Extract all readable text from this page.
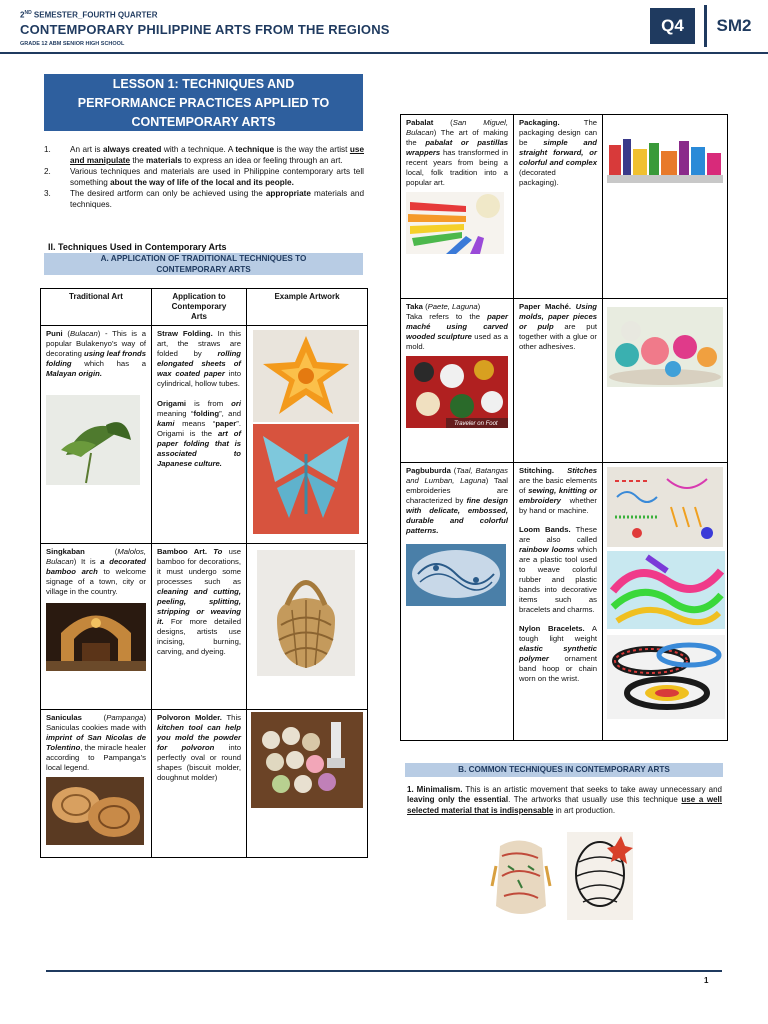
2ND SEMESTER_FOURTH QUARTER
CONTEMPORARY PHILIPPINE ARTS FROM THE REGIONS
GRADE 12 ABM SENIOR HIGH SCHOOL
Q4	SM2
LESSON 1: TECHNIQUES AND
PERFORMANCE PRACTICES APPLIED TO
CONTEMPORARY ARTS
1.	An art is always created with a technique. A technique is the way the artist use and manipulate the materials to express an idea or feeling through an art.
2.	Various techniques and materials are used in Philippine contemporary arts tell something about the way of life of the local and its people.
3.	The desired artform can only be achieved using the appropriate materials and techniques.
II. Techniques Used in Contemporary Arts
A. APPLICATION OF TRADITIONAL TECHNIQUES TO
CONTEMPORARY ARTS
Traditional Art	Application to
Contemporary
Arts	Example Artwork

Puni (Bulacan) - This is a popular Bulakenyo’s way of decorating using leaf fronds folding which has a Malayan origin.	Straw Folding. In this art, the straws are folded by rolling elongated sheets of wax coated paper into cylindrical, hollow tubes.
Origami is from ori meaning “folding”, and kami means “paper”. Origami is the art of paper folding that is associated to Japanese culture.

Singkaban (Malolos, Bulacan) It is a decorated bamboo arch to welcome signage of a town, city or village in the country.	Bamboo Art. To use bamboo for decorations, it must undergo some processes such as cleaning and cutting, peeling, splitting, stripping or weaving it. For more detailed designs, artists use incising, burning, carving, and dyeing.

Saniculas (Pampanga) Saniculas cookies made with imprint of San Nicolas de Tolentino, the miracle healer according to Pampanga’s local legend.	Polvoron Molder. This kitchen tool can help you mold the powder for polvoron into perfectly oval or round shapes (biscuit molder, doughnut molder)

Pabalat (San Miguel, Bulacan) The art of making the pabalat or pastillas wrappers has transformed in recent years from being a local, folk tradition into a popular art.	Packaging. The packaging design can be simple and straight forward, or colorful and complex (decorated packaging).

Taka (Paete, Laguna)
Taka refers to the paper maché using carved wooded sculpture used as a mold.
Traveler on Foot	Paper Maché. Using molds, paper pieces or pulp are put together with a glue or other adhesives.

Pagbuburda (Taal, Batangas and Lumban, Laguna) Taal embroideries are characterized by fine design with delicate, embossed, durable and colorful patterns.	Stitching. Stitches are the basic elements of sewing, knitting or embroidery whether by hand or machine.
Loom Bands. These are also called rainbow looms which are a plastic tool used to weave colorful rubber and plastic bands into decorative items such as bracelets and charms.
Nylon Bracelets. A tough light weight elastic synthetic polymer ornament band hoop or chain worn on the wrist.

B. COMMON TECHNIQUES IN CONTEMPORARY ARTS
1. Minimalism. This is an artistic movement that seeks to take away unnecessary and leaving only the essential. The artworks that usually use this technique use a well selected material that is indispensable in art production.
1
